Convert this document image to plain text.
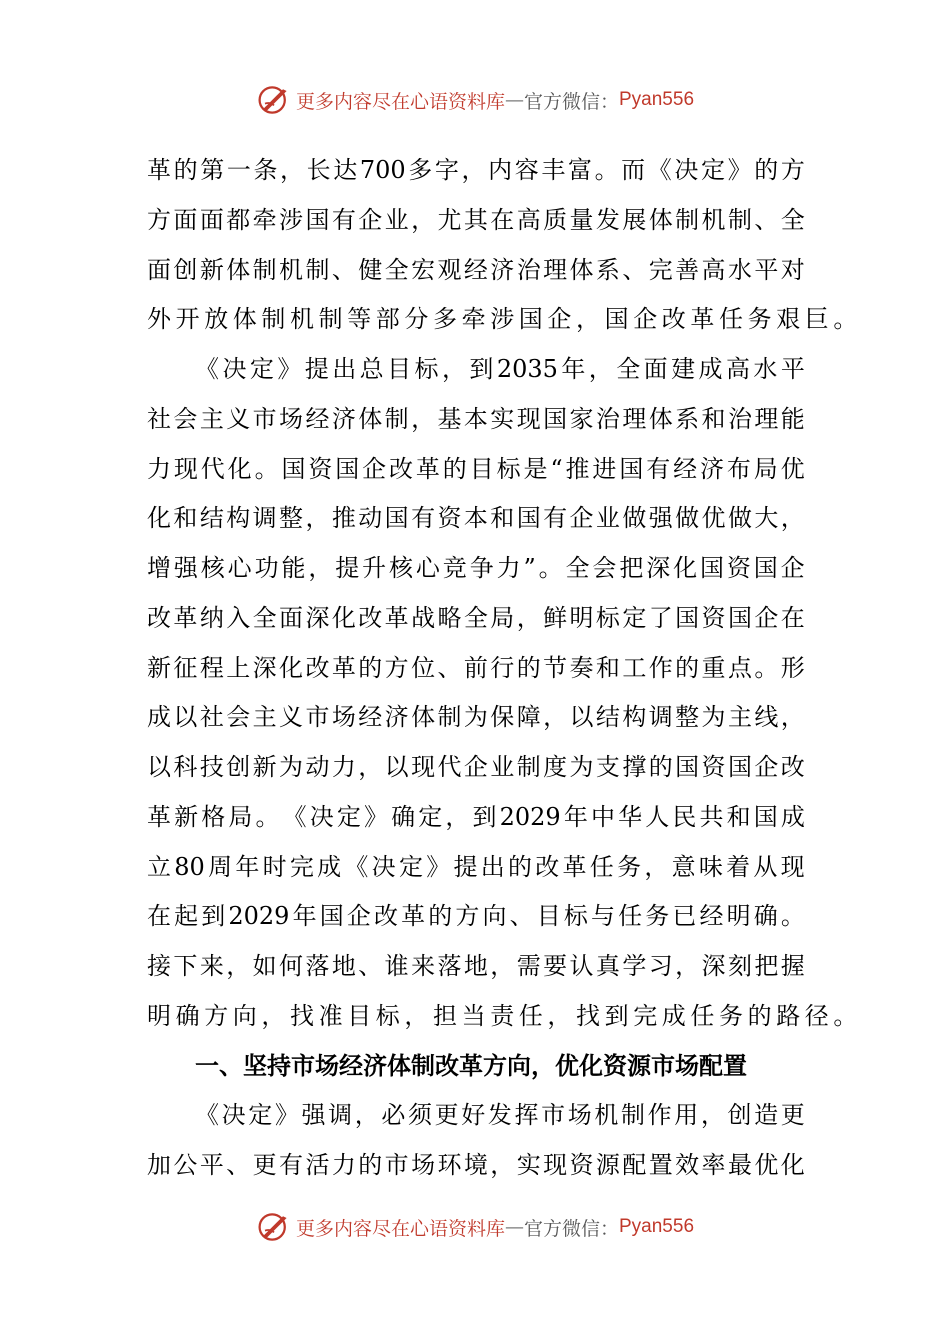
更多内容尽在心语资料库 — 官方微信： Pyan556
革 的 第 一 条 ， 长 达 700 多 字 ， 内 容 丰 富 。 而 《 决 定 》 的 方
方 面 面 都 牵 涉 国 有 企 业 ， 尤 其 在 高 质 量 发 展 体 制 机 制 、 全
面 创 新 体 制 机 制 、 健 全 宏 观 经 济 治 理 体 系 、 完 善 高 水 平 对
外开放体制机制等部分多牵涉国企，国企改革任务艰巨。
《 决 定 》 提 出 总 目 标 ， 到 2035 年 ， 全 面 建 成 高 水 平
社 会 主 义 市 场 经 济 体 制 ， 基 本 实 现 国 家 治 理 体 系 和 治 理 能
力 现 代 化 。 国 资 国 企 改 革 的 目 标 是 “ 推 进 国 有 经 济 布 局 优
化 和 结 构 调 整 ， 推 动 国 有 资 本 和 国 有 企 业 做 强 做 优 做 大 ，
增 强 核 心 功 能 ， 提 升 核 心 竞 争 力 ” 。 全 会 把 深 化 国 资 国 企
改 革 纳 入 全 面 深 化 改 革 战 略 全 局 ， 鲜 明 标 定 了 国 资 国 企 在
新 征 程 上 深 化 改 革 的 方 位 、 前 行 的 节 奏 和 工 作 的 重 点 。 形
成 以 社 会 主 义 市 场 经 济 体 制 为 保 障 ， 以 结 构 调 整 为 主 线 ，
以 科 技 创 新 为 动 力 ， 以 现 代 企 业 制 度 为 支 撑 的 国 资 国 企 改
革 新 格 局 。 《 决 定 》 确 定 ， 到 2029 年 中 华 人 民 共 和 国 成
立 80 周 年 时 完 成 《 决 定 》 提 出 的 改 革 任 务 ， 意 味 着 从 现
在 起 到 2029 年 国 企 改 革 的 方 向 、 目 标 与 任 务 已 经 明 确 。
接 下 来 ， 如 何 落 地 、 谁 来 落 地 ， 需 要 认 真 学 习 ， 深 刻 把 握
明确方向，找准目标，担当责任，找到完成任务的路径。
一、坚持市场经济体制改革方向，优化资源市场配置
《 决 定 》 强 调 ， 必 须 更 好 发 挥 市 场 机 制 作 用 ， 创 造 更
加 公 平 、 更 有 活 力 的 市 场 环 境 ， 实 现 资 源 配 置 效 率 最 优 化
更多内容尽在心语资料库 — 官方微信： Pyan556
